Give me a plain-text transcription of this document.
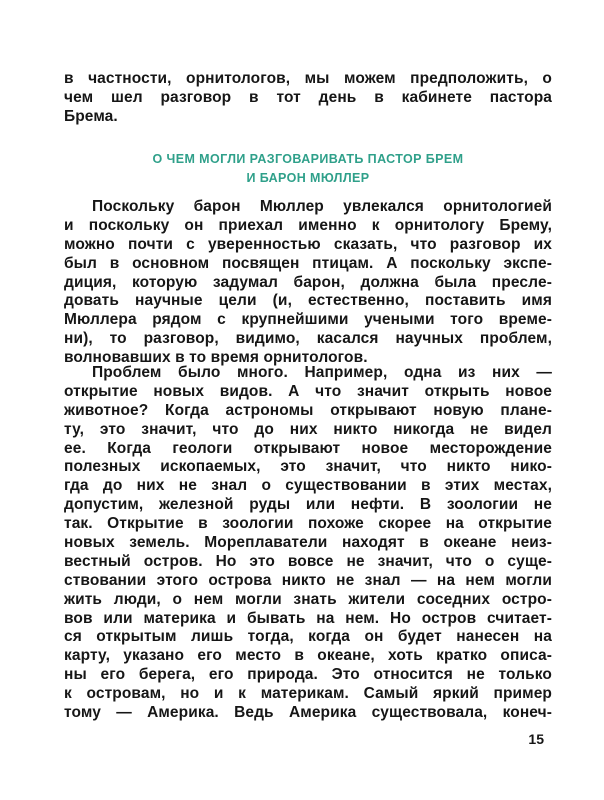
в частности, орнитологов, мы можем предположить, о
чем шел разговор в тот день в кабинете пастора
Брема.
О ЧЕМ МОГЛИ РАЗГОВАРИВАТЬ ПАСТОР БРЕМ
И БАРОН МЮЛЛЕР
Поскольку барон Мюллер увлекался орнитологией
и поскольку он приехал именно к орнитологу Брему,
можно почти с уверенностью сказать, что разговор их
был в основном посвящен птицам. А поскольку экспе-
диция, которую задумал барон, должна была преслe-
довать научные цели (и, естественно, поставить имя
Мюллера рядом с крупнейшими учеными того време-
ни), то разговор, видимо, касался научных проблем,
волновавших в то время орнитологов.
Проблем было много. Например, одна из них —
открытие новых видов. А что значит открыть новое
животное? Когда астрономы открывают новую плане-
ту, это значит, что до них никто никогда не видел
ее. Когда геологи открывают новое месторождение
полезных ископаемых, это значит, что никто нико-
гда до них не знал о существовании в этих местах,
допустим, железной руды или нефти. В зоологии не
так. Открытие в зоологии похоже скорее на открытие
новых земель. Мореплаватели находят в океане неиз-
вестный остров. Но это вовсе не значит, что о суще-
ствовании этого острова никто не знал — на нем могли
жить люди, о нем могли знать жители соседних остро-
вов или материка и бывать на нем. Но остров считает-
ся открытым лишь тогда, когда он будет нанесен на
карту, указано его место в океане, хоть кратко описа-
ны его берега, его природа. Это относится не только
к островам, но и к материкам. Самый яркий пример
тому — Америка. Ведь Америка существовала, конеч-
15
